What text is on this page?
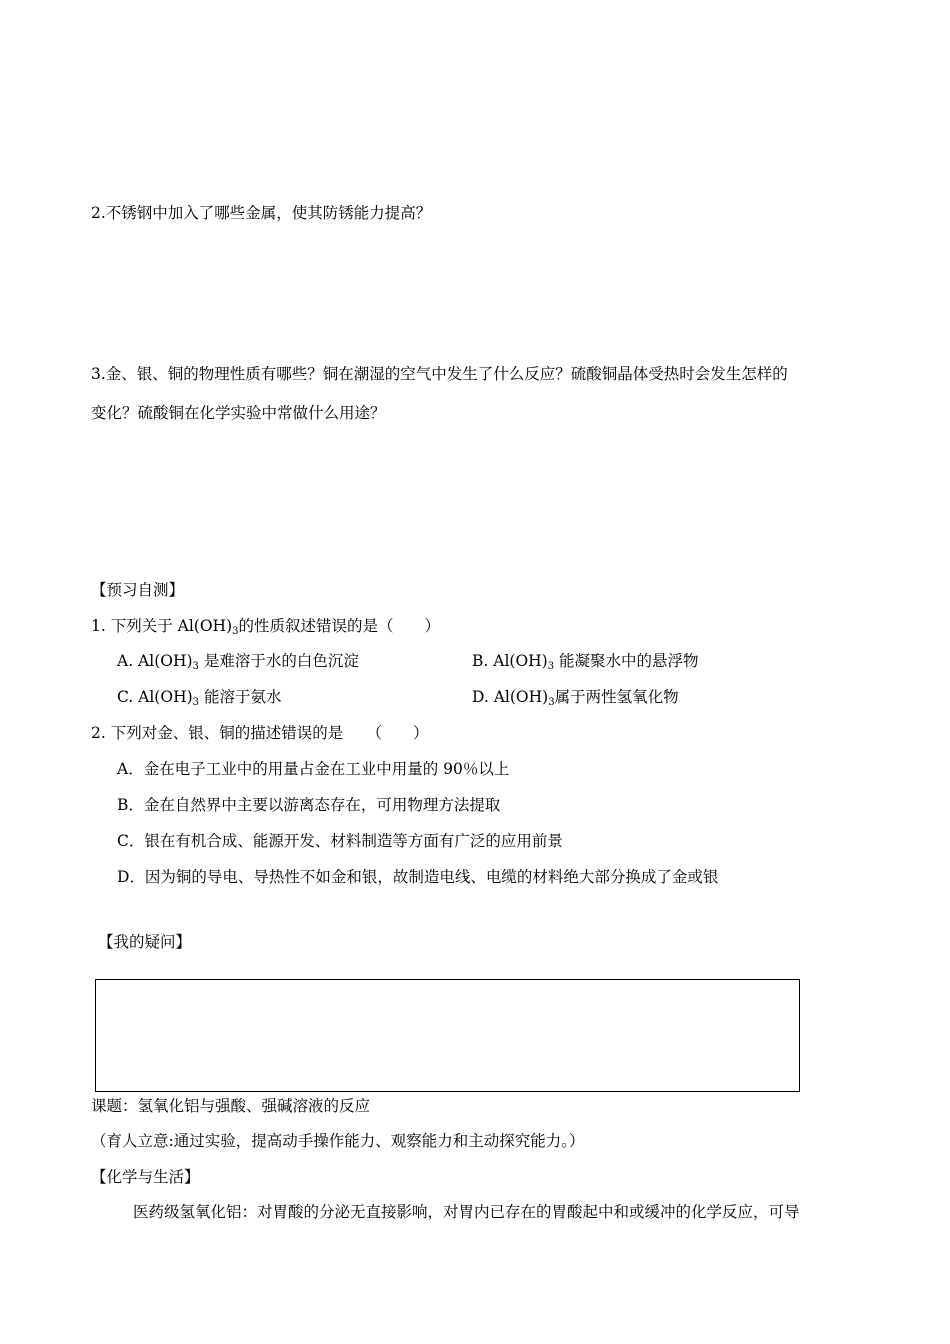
2.不锈钢中加入了哪些金属，使其防锈能力提高？
3.金、银、铜的物理性质有哪些？铜在潮湿的空气中发生了什么反应？硫酸铜晶体受热时会发生怎样的
变化？硫酸铜在化学实验中常做什么用途？
【预习自测】
1. 下列关于 $Al(OH)_3$的性质叙述错误的是（　　）
A. $Al(OH)_3$ 是难溶于水的白色沉淀	B. $Al(OH)_3$ 能凝聚水中的悬浮物
C. $Al(OH)_3$ 能溶于氨水	D. $Al(OH)_3$属于两性氢氧化物
2. 下列对金、银、铜的描述错误的是　　（　　）
A．金在电子工业中的用量占金在工业中用量的 90％以上
B．金在自然界中主要以游离态存在，可用物理方法提取
C．银在有机合成、能源开发、材料制造等方面有广泛的应用前景
D．因为铜的导电、导热性不如金和银，故制造电线、电缆的材料绝大部分换成了金或银
【我的疑问】
课题：氢氧化铝与强酸、强碱溶液的反应
（育人立意:通过实验，提高动手操作能力、观察能力和主动探究能力。）
【化学与生活】
医药级氢氧化铝：对胃酸的分泌无直接影响，对胃内已存在的胃酸起中和或缓冲的化学反应，可导
